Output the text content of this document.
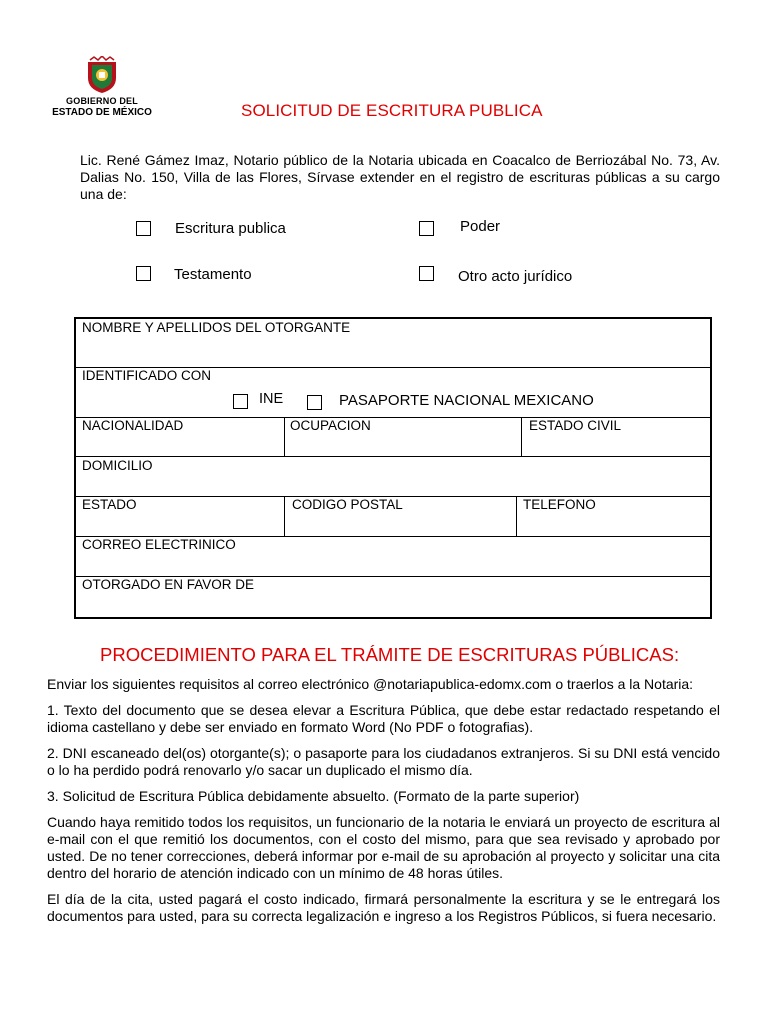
GOBIERNO DEL
ESTADO DE MÉXICO	SOLICITUD DE ESCRITURA PUBLICA
Lic. René Gámez Imaz, Notario público de la Notaria ubicada en Coacalco de Berriozábal No. 73, Av. Dalias No. 150, Villa de las Flores, Sírvase extender en el registro de escrituras públicas a su cargo una de:
Escritura publica	Poder
Testamento	Otro acto jurídico
NOMBRE Y APELLIDOS DEL OTORGANTE
IDENTIFICADO CON
INE	PASAPORTE NACIONAL MEXICANO
NACIONALIDAD	OCUPACION	ESTADO CIVIL
DOMICILIO
ESTADO	CODIGO POSTAL	TELEFONO
CORREO ELECTRINICO
OTORGADO EN FAVOR DE
PROCEDIMIENTO PARA EL TRÁMITE DE ESCRITURAS PÚBLICAS:
Enviar los siguientes requisitos al correo electrónico @notariapublica-edomx.com o traerlos a la Notaria:
1. Texto del documento que se desea elevar a Escritura Pública, que debe estar redactado respetando el idioma castellano y debe ser enviado en formato Word (No PDF o fotografias).
2. DNI escaneado del(os) otorgante(s); o pasaporte para los ciudadanos extranjeros. Si su DNI está vencido o lo ha perdido podrá renovarlo y/o sacar un duplicado el mismo día.
3. Solicitud de Escritura Pública debidamente absuelto. (Formato de la parte superior)
Cuando haya remitido todos los requisitos, un funcionario de la notaria le enviará un proyecto de escritura al e-mail con el que remitió los documentos, con el costo del mismo, para que sea revisado y aprobado por usted. De no tener correcciones, deberá informar por e-mail de su aprobación al proyecto y solicitar una cita dentro del horario de atención indicado con un mínimo de 48 horas útiles.
El día de la cita, usted pagará el costo indicado, firmará personalmente la escritura y se le entregará los documentos para usted, para su correcta legalización e ingreso a los Registros Públicos, si fuera necesario.
